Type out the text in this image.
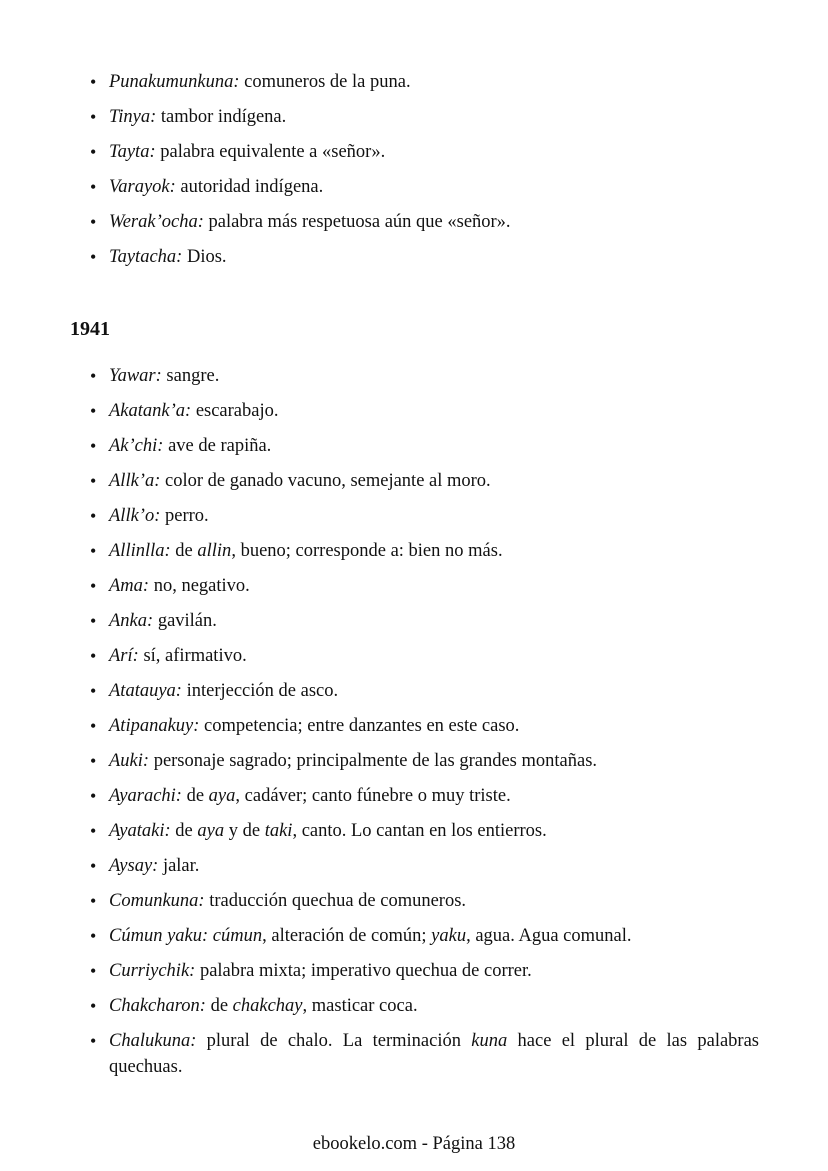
• Punakumunkuna: comuneros de la puna.
• Tinya: tambor indígena.
• Tayta: palabra equivalente a «señor».
• Varayok: autoridad indígena.
• Werak’ocha: palabra más respetuosa aún que «señor».
• Taytacha: Dios.
1941
• Yawar: sangre.
• Akatank’a: escarabajo.
• Ak’chi: ave de rapiña.
• Allk’a: color de ganado vacuno, semejante al moro.
• Allk’o: perro.
• Allinlla: de allin, bueno; corresponde a: bien no más.
• Ama: no, negativo.
• Anka: gavilán.
• Arí: sí, afirmativo.
• Atatauya: interjección de asco.
• Atipanakuy: competencia; entre danzantes en este caso.
• Auki: personaje sagrado; principalmente de las grandes montañas.
• Ayarachi: de aya, cadáver; canto fúnebre o muy triste.
• Ayataki: de aya y de taki, canto. Lo cantan en los entierros.
• Aysay: jalar.
• Comunkuna: traducción quechua de comuneros.
• Cúmun yaku: cúmun, alteración de común; yaku, agua. Agua comunal.
• Curriychik: palabra mixta; imperativo quechua de correr.
• Chakcharon: de chakchay, masticar coca.
• Chalukuna: plural de chalo. La terminación kuna hace el plural de las palabras quechuas.
ebookelo.com - Página 138
